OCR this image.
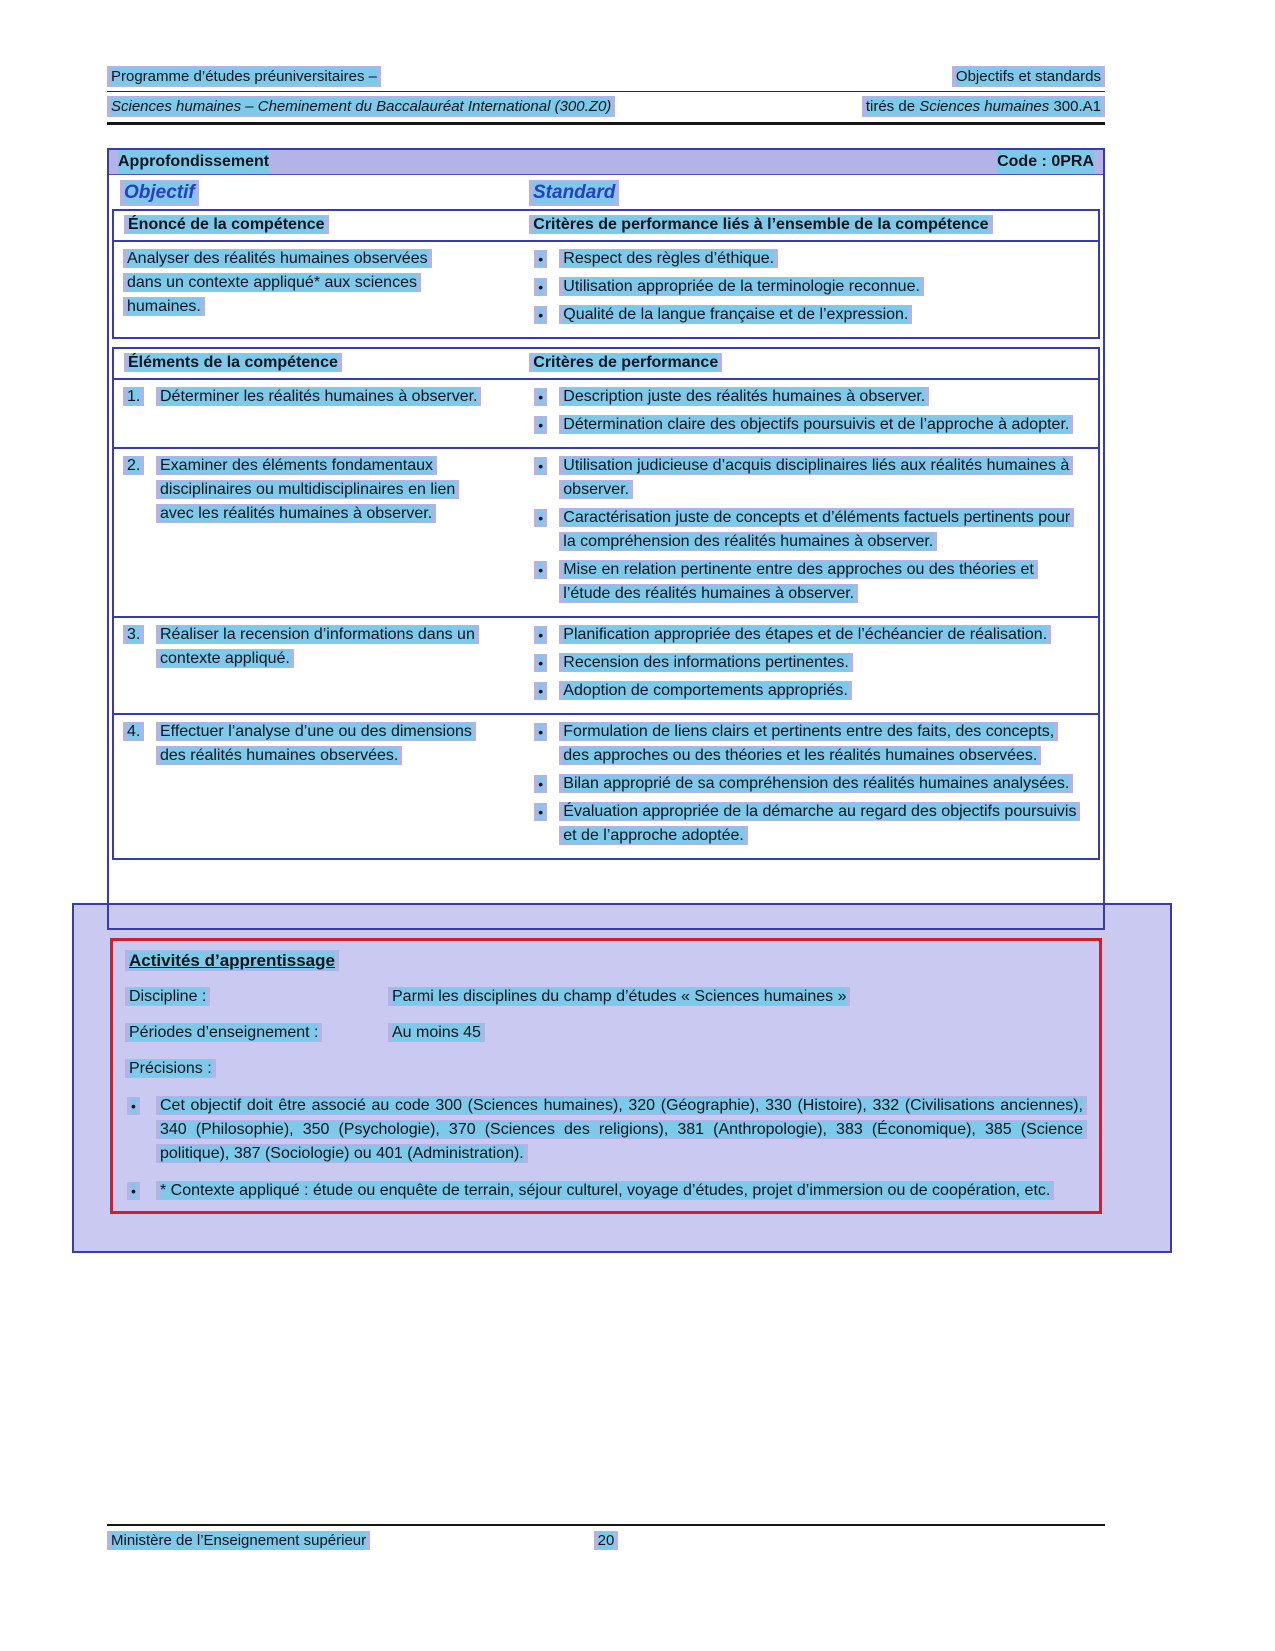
Programme d’études préuniversitaires –	Objectifs et standards
Sciences humaines – Cheminement du Baccalauréat International (300.Z0)	tirés de Sciences humaines 300.A1
Approfondissement	Code : 0PRA
Objectif	Standard
Énoncé de la compétence	Critères de performance liés à l’ensemble de la compétence
Analyser des réalités humaines observées dans un contexte appliqué* aux sciences humaines.
•	Respect des règles d’éthique.
•	Utilisation appropriée de la terminologie reconnue.
•	Qualité de la langue française et de l’expression.
Éléments de la compétence	Critères de performance
1.	Déterminer les réalités humaines à observer.	•	Description juste des réalités humaines à observer.
•	Détermination claire des objectifs poursuivis et de l’approche à adopter.
2.	Examiner des éléments fondamentaux disciplinaires ou multidisciplinaires en lien avec les réalités humaines à observer.
•	Utilisation judicieuse d’acquis disciplinaires liés aux réalités humaines à observer.
•	Caractérisation juste de concepts et d’éléments factuels pertinents pour la compréhension des réalités humaines à observer.
•	Mise en relation pertinente entre des approches ou des théories et l’étude des réalités humaines à observer.
3.	Réaliser la recension d’informations dans un contexte appliqué.
•	Planification appropriée des étapes et de l’échéancier de réalisation.
•	Recension des informations pertinentes.
•	Adoption de comportements appropriés.
4.	Effectuer l’analyse d’une ou des dimensions des réalités humaines observées.
•	Formulation de liens clairs et pertinents entre des faits, des concepts, des approches ou des théories et les réalités humaines observées.
•	Bilan approprié de sa compréhension des réalités humaines analysées.
•	Évaluation appropriée de la démarche au regard des objectifs poursuivis et de l’approche adoptée.
Activités d’apprentissage
Discipline :	Parmi les disciplines du champ d’études « Sciences humaines »
Périodes d’enseignement :	Au moins 45
Précisions :
•	Cet objectif doit être associé au code 300 (Sciences humaines), 320 (Géographie), 330 (Histoire), 332 (Civilisations anciennes), 340 (Philosophie), 350 (Psychologie), 370 (Sciences des religions), 381 (Anthropologie), 383 (Économique), 385 (Science politique), 387 (Sociologie) ou 401 (Administration).
•	* Contexte appliqué : étude ou enquête de terrain, séjour culturel, voyage d’études, projet d’immersion ou de coopération, etc.
Ministère de l’Enseignement supérieur	20
